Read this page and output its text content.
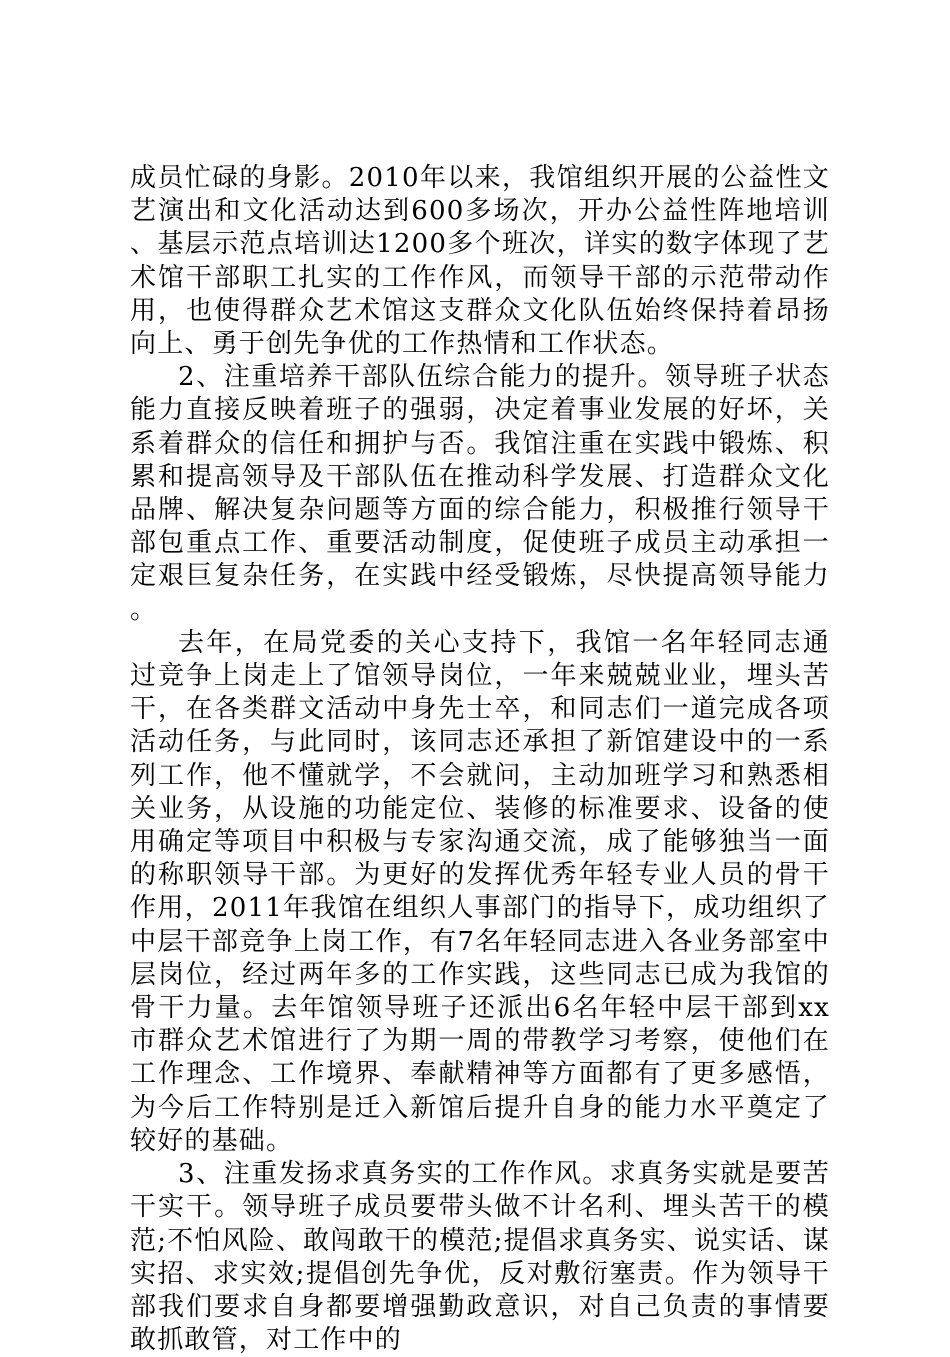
成员忙碌的身影。2010年以来，我馆组织开展的公益性文艺演出和文化活动达到600多场次，开办公益性阵地培训、基层示范点培训达1200多个班次，详实的数字体现了艺术馆干部职工扎实的工作作风，而领导干部的示范带动作用，也使得群众艺术馆这支群众文化队伍始终保持着昂扬向上、勇于创先争优的工作热情和工作状态。

2、注重培养干部队伍综合能力的提升。领导班子状态能力直接反映着班子的强弱，决定着事业发展的好坏，关系着群众的信任和拥护与否。我馆注重在实践中锻炼、积累和提高领导及干部队伍在推动科学发展、打造群众文化品牌、解决复杂问题等方面的综合能力，积极推行领导干部包重点工作、重要活动制度，促使班子成员主动承担一定艰巨复杂任务，在实践中经受锻炼，尽快提高领导能力。

去年，在局党委的关心支持下，我馆一名年轻同志通过竞争上岗走上了馆领导岗位，一年来兢兢业业，埋头苦干，在各类群文活动中身先士卒，和同志们一道完成各项活动任务，与此同时，该同志还承担了新馆建设中的一系列工作，他不懂就学，不会就问，主动加班学习和熟悉相关业务，从设施的功能定位、装修的标准要求、设备的使用确定等项目中积极与专家沟通交流，成了能够独当一面的称职领导干部。为更好的发挥优秀年轻专业人员的骨干作用，2011年我馆在组织人事部门的指导下，成功组织了中层干部竞争上岗工作，有7名年轻同志进入各业务部室中层岗位，经过两年多的工作实践，这些同志已成为我馆的骨干力量。去年馆领导班子还派出6名年轻中层干部到xx市群众艺术馆进行了为期一周的带教学习考察，使他们在工作理念、工作境界、奉献精神等方面都有了更多感悟，为今后工作特别是迁入新馆后提升自身的能力水平奠定了较好的基础。

3、注重发扬求真务实的工作作风。求真务实就是要苦干实干。领导班子成员要带头做不计名利、埋头苦干的模范;不怕风险、敢闯敢干的模范;提倡求真务实、说实话、谋实招、求实效;提倡创先争优，反对敷衍塞责。作为领导干部我们要求自身都要增强勤政意识，对自己负责的事情要敢抓敢管，对工作中的
